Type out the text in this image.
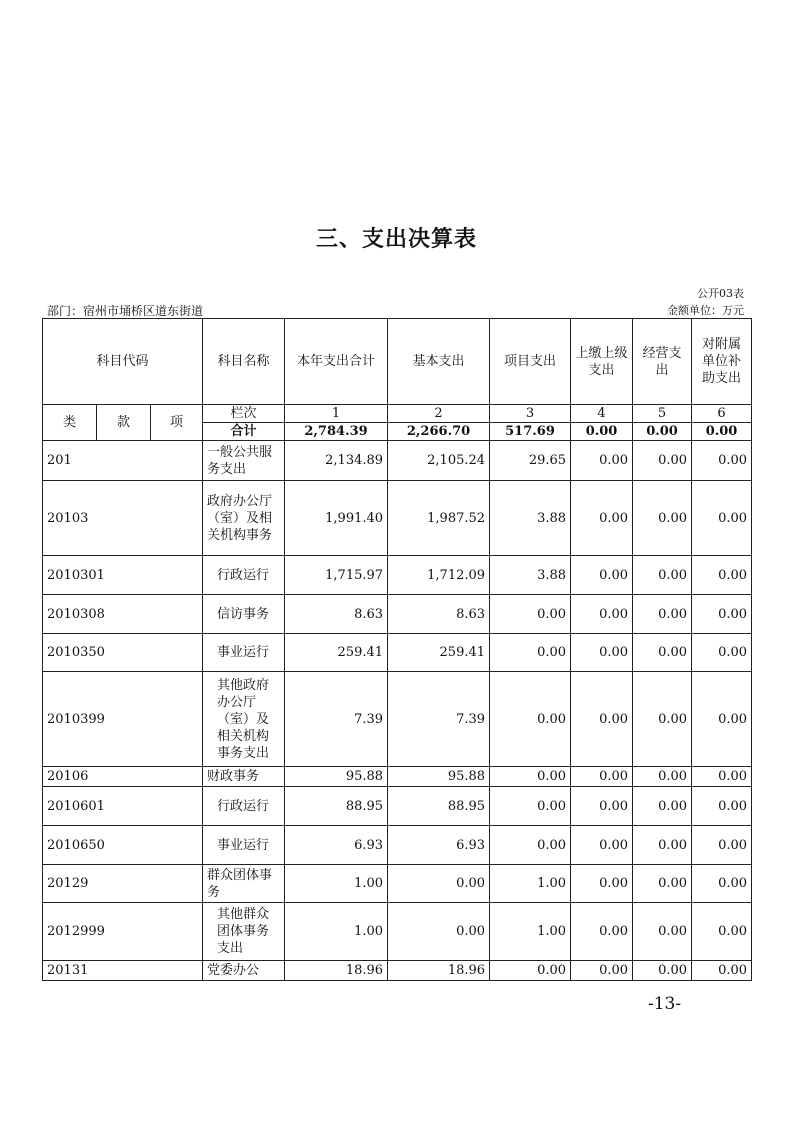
三、支出决算表
公开03表
部门：宿州市埇桥区道东街道	金额单位：万元
科目代码			科目名称	本年支出合计	基本支出	项目支出	上缴上级支出	经营支出	对附属单位补助支出
类	款	项	栏次	1	2	3	4	5	6
			合计	2,784.39	2,266.70	517.69	0.00	0.00	0.00
201			一般公共服务支出	2,134.89	2,105.24	29.65	0.00	0.00	0.00
20103			政府办公厅（室）及相关机构事务	1,991.40	1,987.52	3.88	0.00	0.00	0.00
2010301			行政运行	1,715.97	1,712.09	3.88	0.00	0.00	0.00
2010308			信访事务	8.63	8.63	0.00	0.00	0.00	0.00
2010350			事业运行	259.41	259.41	0.00	0.00	0.00	0.00
2010399			其他政府办公厅（室）及相关机构事务支出	7.39	7.39	0.00	0.00	0.00	0.00
20106			财政事务	95.88	95.88	0.00	0.00	0.00	0.00
2010601			行政运行	88.95	88.95	0.00	0.00	0.00	0.00
2010650			事业运行	6.93	6.93	0.00	0.00	0.00	0.00
20129			群众团体事务	1.00	0.00	1.00	0.00	0.00	0.00
2012999			其他群众团体事务支出	1.00	0.00	1.00	0.00	0.00	0.00
20131			党委办公	18.96	18.96	0.00	0.00	0.00	0.00
-13-
